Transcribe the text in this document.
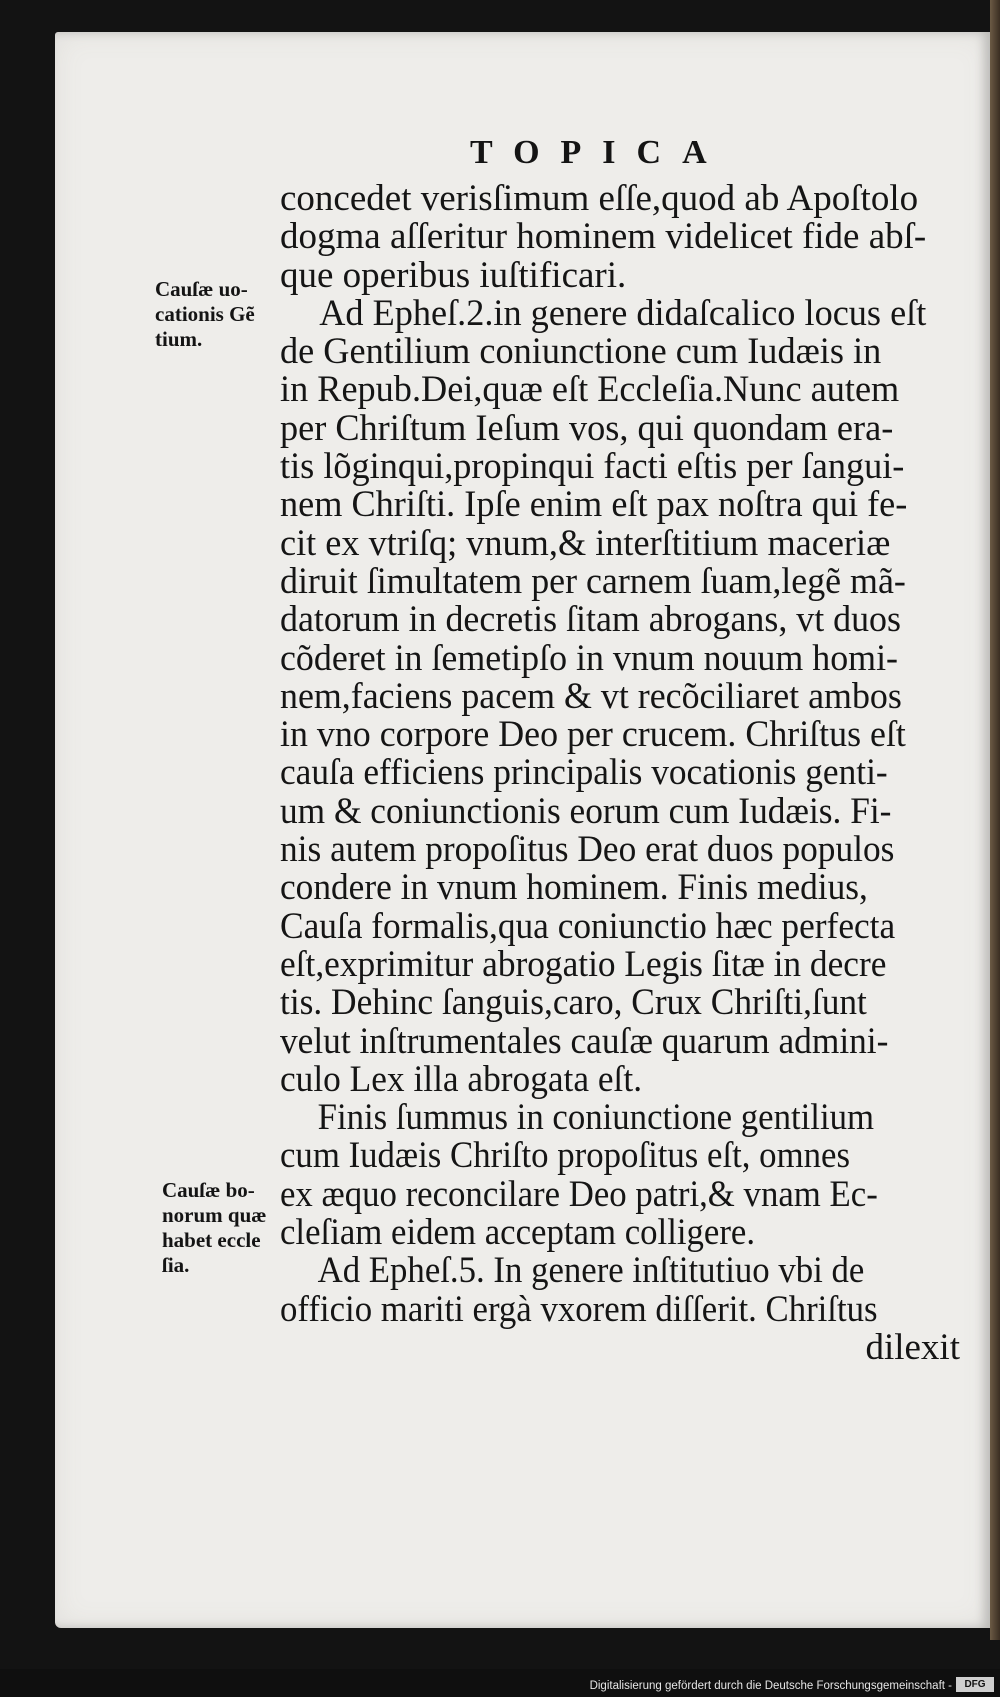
TOPICA
Cauſæ uo-
cationis Gẽ
tium.
Cauſæ bo-
norum quæ
habet eccle
ſia.
concedet verisſimum eſſe,quod ab Apoſtolo
dogma aſſeritur hominem videlicet fide abſ-
que operibus iuſtificari.
Ad Epheſ.2.in genere didaſcalico locus eſt
de Gentilium coniunctione cum Iudæis in
in Repub.Dei,quæ eſt Eccleſia.Nunc autem
per Chriſtum Ieſum vos, qui quondam era-
tis lõginqui,propinqui facti eſtis per ſangui-
nem Chriſti. Ipſe enim eſt pax noſtra qui fe-
cit ex vtriſq; vnum,& interſtitium maceriæ
diruit ſimultatem per carnem ſuam,legẽ mã-
datorum in decretis ſitam abrogans, vt duos
cõderet in ſemetipſo in vnum nouum homi-
nem,faciens pacem & vt recõciliaret ambos
in vno corpore Deo per crucem. Chriſtus eſt
cauſa efficiens principalis vocationis genti-
um & coniunctionis eorum cum Iudæis. Fi-
nis autem propoſitus Deo erat duos populos
condere in vnum hominem. Finis medius,
Cauſa formalis,qua coniunctio hæc perfecta
eſt,exprimitur abrogatio Legis ſitæ in decre
tis. Dehinc ſanguis,caro, Crux Chriſti,ſunt
velut inſtrumentales cauſæ quarum admini-
culo Lex illa abrogata eſt.
Finis ſummus in coniunctione gentilium
cum Iudæis Chriſto propoſitus eſt, omnes
ex æquo reconcilare Deo patri,& vnam Ec-
cleſiam eidem acceptam colligere.
Ad Epheſ.5. In genere inſtitutiuo vbi de
officio mariti ergà vxorem diſſerit. Chriſtus
dilexit
Digitalisierung gefördert durch die Deutsche Forschungsgemeinschaft -	DFG
